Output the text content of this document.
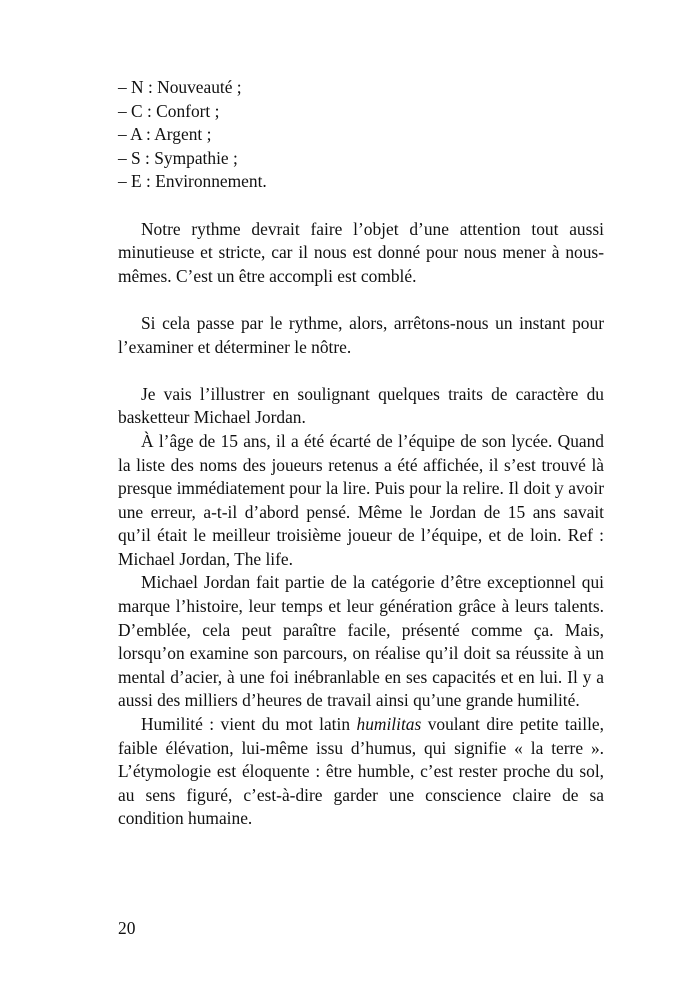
– N : Nouveauté ;
– C : Confort ;
– A : Argent ;
– S : Sympathie ;
– E : Environnement.

Notre rythme devrait faire l’objet d’une attention tout aussi minutieuse et stricte, car il nous est donné pour nous mener à nous-mêmes. C’est un être accompli est comblé.

Si cela passe par le rythme, alors, arrêtons-nous un instant pour l’examiner et déterminer le nôtre.

Je vais l’illustrer en soulignant quelques traits de caractère du basketteur Michael Jordan.

À l’âge de 15 ans, il a été écarté de l’équipe de son lycée. Quand la liste des noms des joueurs retenus a été affichée, il s’est trouvé là presque immédiatement pour la lire. Puis pour la relire. Il doit y avoir une erreur, a-t-il d’abord pensé. Même le Jordan de 15 ans savait qu’il était le meilleur troisième joueur de l’équipe, et de loin. Ref : Michael Jordan, The life.

Michael Jordan fait partie de la catégorie d’être exceptionnel qui marque l’histoire, leur temps et leur génération grâce à leurs talents. D’emblée, cela peut paraître facile, présenté comme ça. Mais, lorsqu’on examine son parcours, on réalise qu’il doit sa réussite à un mental d’acier, à une foi inébranlable en ses capacités et en lui. Il y a aussi des milliers d’heures de travail ainsi qu’une grande humilité.

Humilité : vient du mot latin humilitas voulant dire petite taille, faible élévation, lui-même issu d’humus, qui signifie « la terre ». L’étymologie est éloquente : être humble, c’est rester proche du sol, au sens figuré, c’est-à-dire garder une conscience claire de sa condition humaine.

20
